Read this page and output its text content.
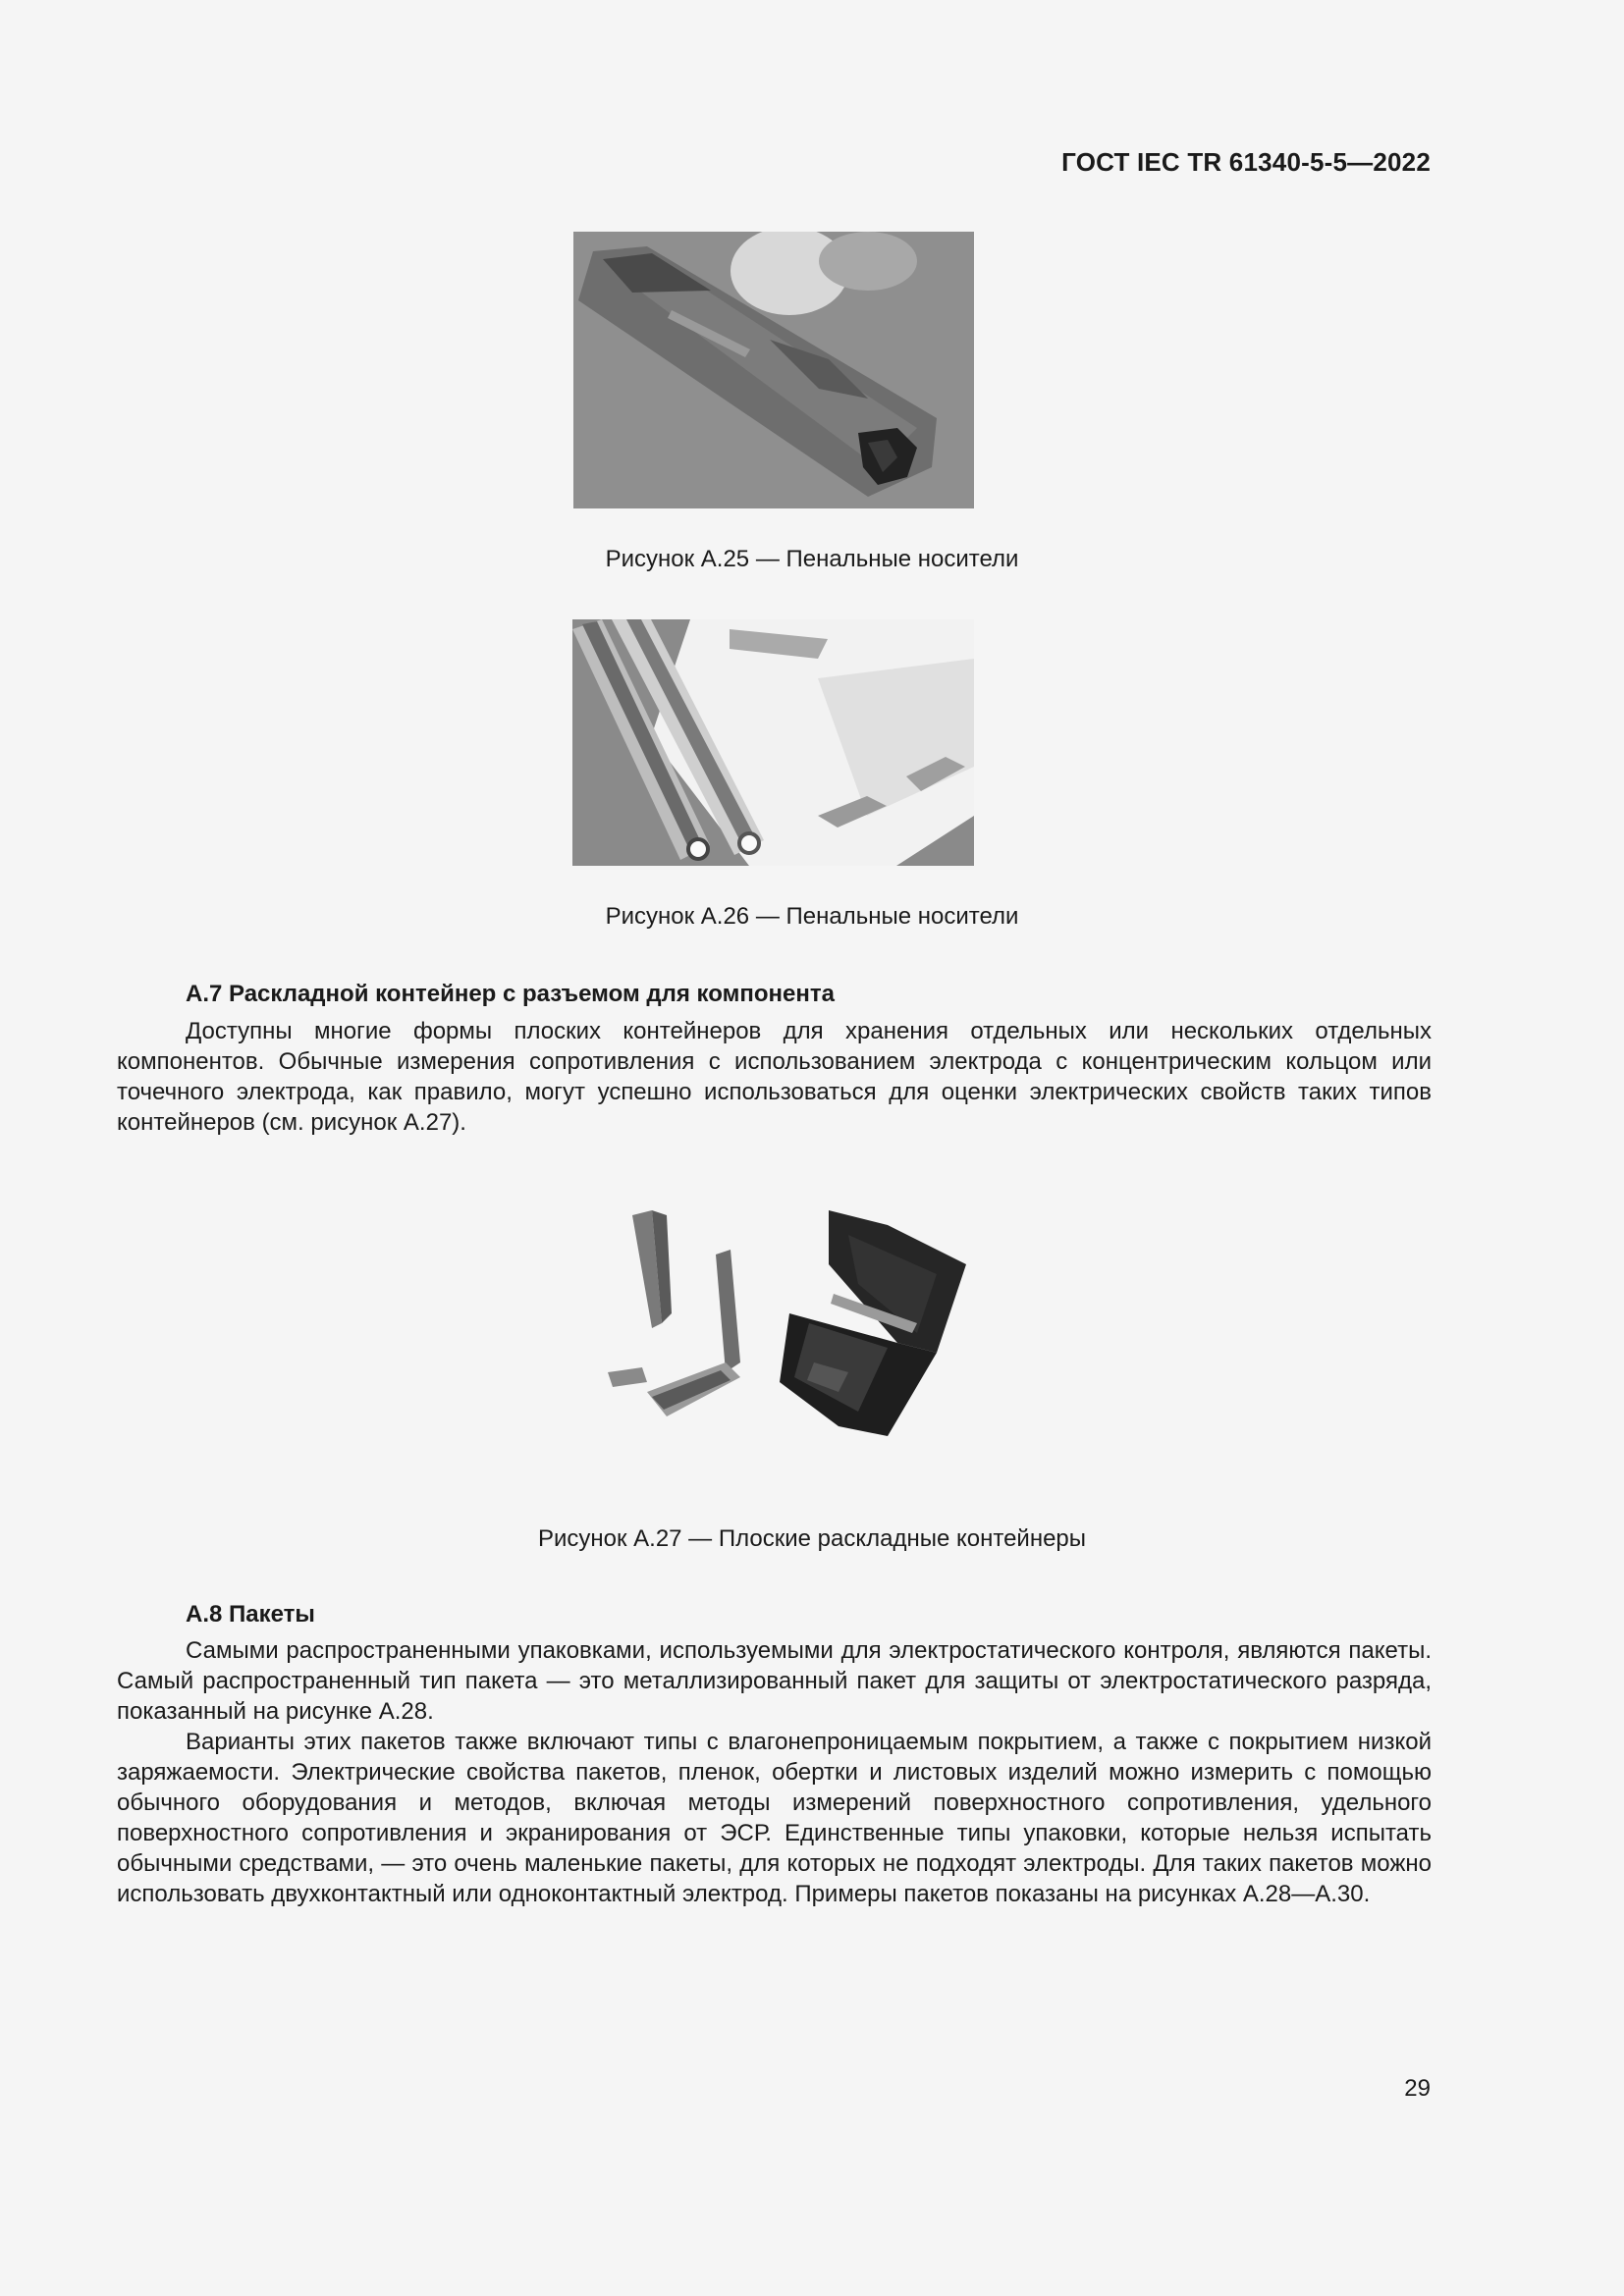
ГОСТ IEC TR 61340-5-5—2022
Рисунок А.25 — Пенальные носители
Рисунок А.26 — Пенальные носители
А.7 Раскладной контейнер с разъемом для компонента

Доступны многие формы плоских контейнеров для хранения отдельных или нескольких отдельных компонентов. Обычные измерения сопротивления с использованием электрода с концентрическим кольцом или точечного электрода, как правило, могут успешно использоваться для оценки электрических свойств таких типов контейнеров (см. рисунок А.27).

Рисунок А.27 — Плоские раскладные контейнеры
А.8 Пакеты

Самыми распространенными упаковками, используемыми для электростатического контроля, являются пакеты. Самый распространенный тип пакета — это металлизированный пакет для защиты от электростатического разряда, показанный на рисунке А.28.

Варианты этих пакетов также включают типы с влагонепроницаемым покрытием, а также с покрытием низкой заряжаемости. Электрические свойства пакетов, пленок, обертки и листовых изделий можно измерить с помощью обычного оборудования и методов, включая методы измерений поверхностного сопротивления, удельного поверхностного сопротивления и экранирования от ЭСР. Единственные типы упаковки, которые нельзя испытать обычными средствами, — это очень маленькие пакеты, для которых не подходят электроды. Для таких пакетов можно использовать двухконтактный или одноконтактный электрод. Примеры пакетов показаны на рисунках А.28—А.30.

29
